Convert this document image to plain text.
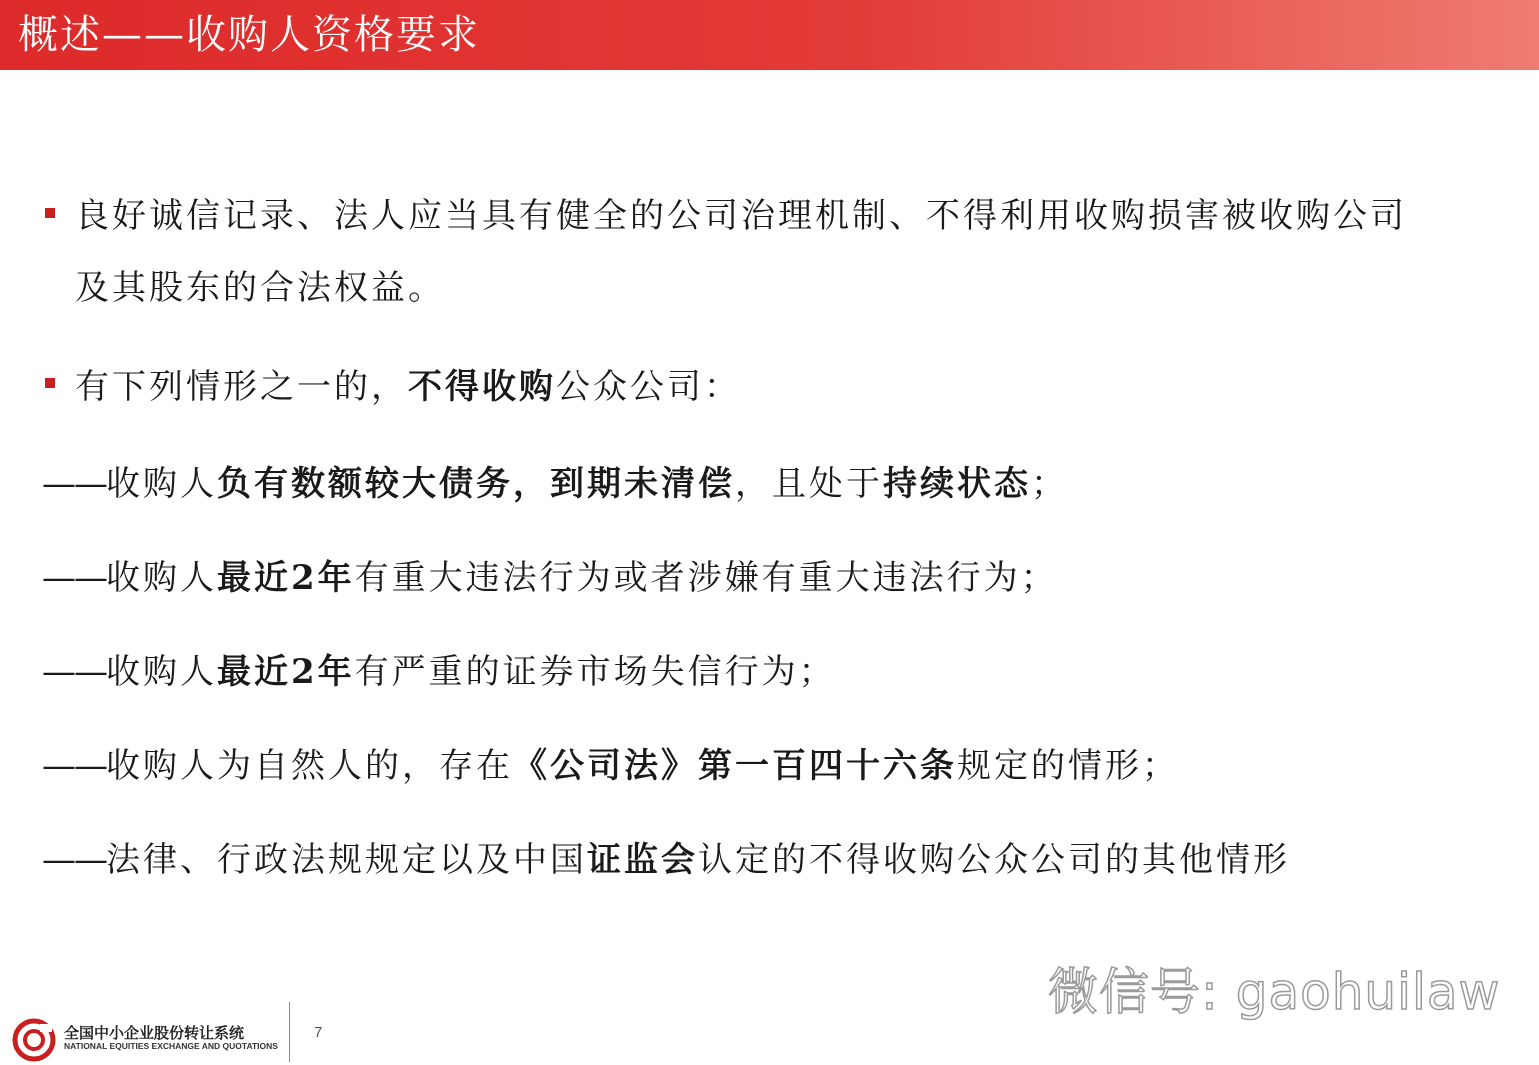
概述——收购人资格要求
良好诚信记录、法人应当具有健全的公司治理机制、不得利用收购损害被收购公司
及其股东的合法权益。
有下列情形之一的，不得收购公众公司：
——收购人负有数额较大债务，到期未清偿，且处于持续状态；
——收购人最近2年有重大违法行为或者涉嫌有重大违法行为；
——收购人最近2年有严重的证券市场失信行为；
——收购人为自然人的，存在《公司法》第一百四十六条规定的情形；
——法律、行政法规规定以及中国证监会认定的不得收购公众公司的其他情形
微信号: gaohuilaw
全国中小企业股份转让系统
NATIONAL EQUITIES EXCHANGE AND QUOTATIONS
7
